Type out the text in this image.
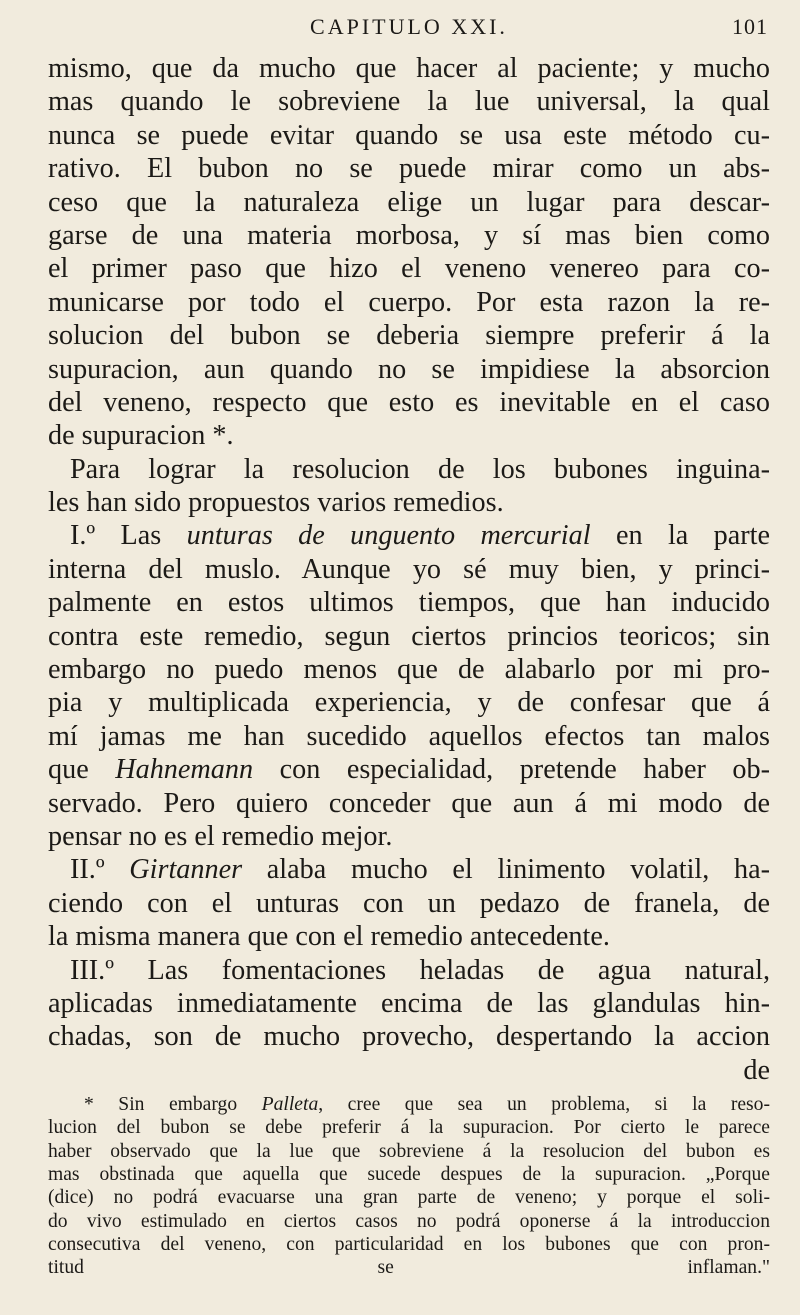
CAPITULO XXI.	101
mismo, que da mucho que hacer al paciente; y mucho
mas quando le sobreviene la lue universal, la qual
nunca se puede evitar quando se usa este método cu-
rativo. El bubon no se puede mirar como un abs-
ceso que la naturaleza elige un lugar para descar-
garse de una materia morbosa, y sí mas bien como
el primer paso que hizo el veneno venereo para co-
municarse por todo el cuerpo. Por esta razon la re-
solucion del bubon se deberia siempre preferir á la
supuracion, aun quando no se impidiese la absorcion
del veneno, respecto que esto es inevitable en el caso
de supuracion *.
Para lograr la resolucion de los bubones inguina-
les han sido propuestos varios remedios.
I.º Las unturas de unguento mercurial en la parte
interna del muslo. Aunque yo sé muy bien, y princi-
palmente en estos ultimos tiempos, que han inducido
contra este remedio, segun ciertos princios teoricos; sin
embargo no puedo menos que de alabarlo por mi pro-
pia y multiplicada experiencia, y de confesar que á
mí jamas me han sucedido aquellos efectos tan malos
que Hahnemann con especialidad, pretende haber ob-
servado. Pero quiero conceder que aun á mi modo de
pensar no es el remedio mejor.
II.º Girtanner alaba mucho el linimento volatil, ha-
ciendo con el unturas con un pedazo de franela, de
la misma manera que con el remedio antecedente.
III.º Las fomentaciones heladas de agua natural,
aplicadas inmediatamente encima de las glandulas hin-
chadas, son de mucho provecho, despertando la accion
de
* Sin embargo Palleta, cree que sea un problema, si la reso-
lucion del bubon se debe preferir á la supuracion. Por cierto le parece
haber observado que la lue que sobreviene á la resolucion del bubon es
mas obstinada que aquella que sucede despues de la supuracion. „Porque
(dice) no podrá evacuarse una gran parte de veneno; y porque el soli-
do vivo estimulado en ciertos casos no podrá oponerse á la introduccion
consecutiva del veneno, con particularidad en los bubones que con pron-
titud se inflaman."
